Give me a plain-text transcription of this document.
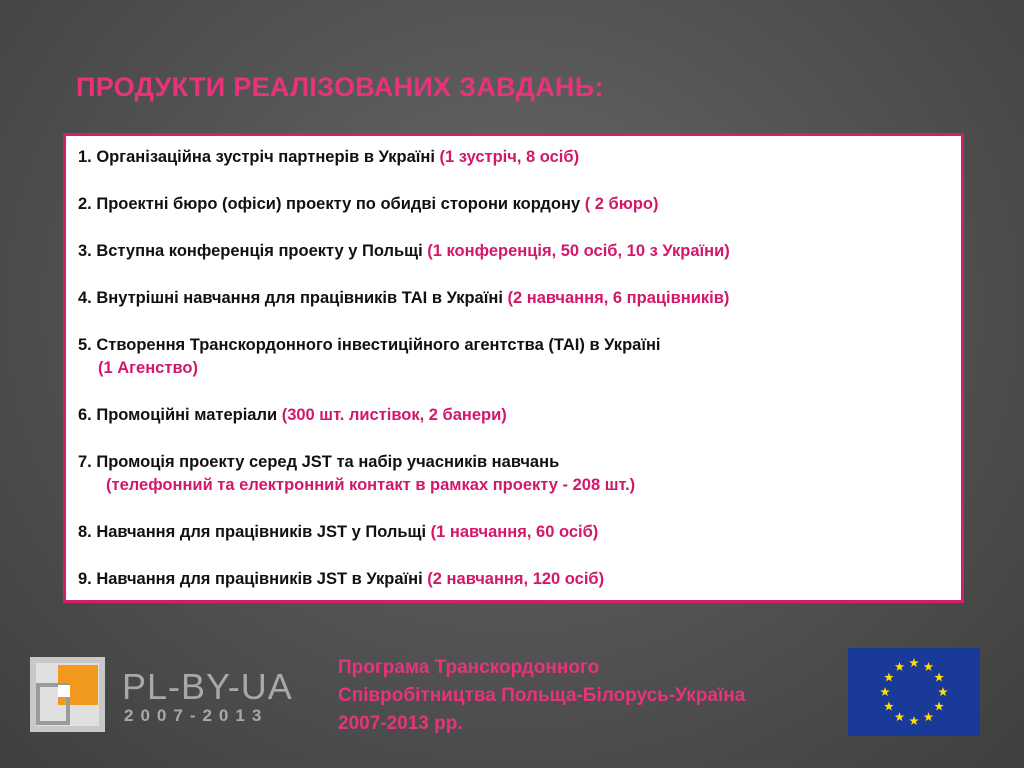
ПРОДУКТИ РЕАЛІЗОВАНИХ ЗАВДАНЬ:
1. Організаційна зустріч партнерів в Україні (1 зустріч, 8 осіб)
2. Проектні бюро (офіси) проекту по обидві сторони кордону ( 2 бюро)
3. Вступна конференція проекту у Польщі (1 конференція, 50 осіб, 10 з України)
4. Внутрішні навчання для працівників ТАІ в Україні (2 навчання, 6 працівників)
5. Створення Транскордонного інвестиційного агентства (ТАІ) в Україні
(1 Агенство)
6. Промоційні матеріали (300 шт. листівок, 2 банери)
7. Промоція проекту серед JST та набір учасників навчань
(телефонний та електронний контакт в рамках проекту - 208 шт.)
8. Навчання для працівників JST у Польщі (1 навчання, 60 осіб)
9. Навчання для працівників JST в Україні (2 навчання, 120 осіб)
PL-BY-UA
2007-2013
Програма Транскордонного
Співробітництва Польща-Білорусь-Україна
2007-2013 рр.
